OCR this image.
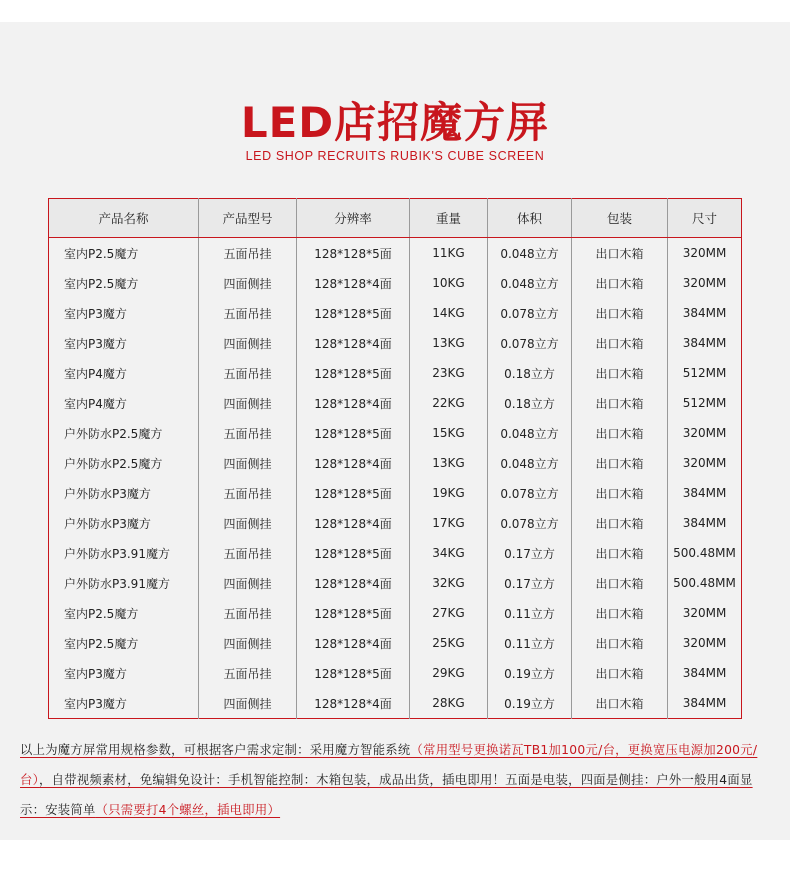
LED店招魔方屏
LED SHOP RECRUITS RUBIK'S CUBE SCREEN
产品名称	产品型号	分辨率	重量	体积	包装	尺寸
室内P2.5魔方	五面吊挂	128*128*5面	11KG	0.048立方	出口木箱	320MM
室内P2.5魔方	四面侧挂	128*128*4面	10KG	0.048立方	出口木箱	320MM
室内P3魔方	五面吊挂	128*128*5面	14KG	0.078立方	出口木箱	384MM
室内P3魔方	四面侧挂	128*128*4面	13KG	0.078立方	出口木箱	384MM
室内P4魔方	五面吊挂	128*128*5面	23KG	0.18立方	出口木箱	512MM
室内P4魔方	四面侧挂	128*128*4面	22KG	0.18立方	出口木箱	512MM
户外防水P2.5魔方	五面吊挂	128*128*5面	15KG	0.048立方	出口木箱	320MM
户外防水P2.5魔方	四面侧挂	128*128*4面	13KG	0.048立方	出口木箱	320MM
户外防水P3魔方	五面吊挂	128*128*5面	19KG	0.078立方	出口木箱	384MM
户外防水P3魔方	四面侧挂	128*128*4面	17KG	0.078立方	出口木箱	384MM
户外防水P3.91魔方	五面吊挂	128*128*5面	34KG	0.17立方	出口木箱	500.48MM
户外防水P3.91魔方	四面侧挂	128*128*4面	32KG	0.17立方	出口木箱	500.48MM
室内P2.5魔方	五面吊挂	128*128*5面	27KG	0.11立方	出口木箱	320MM
室内P2.5魔方	四面侧挂	128*128*4面	25KG	0.11立方	出口木箱	320MM
室内P3魔方	五面吊挂	128*128*5面	29KG	0.19立方	出口木箱	384MM
室内P3魔方	四面侧挂	128*128*4面	28KG	0.19立方	出口木箱	384MM
以上为魔方屏常用规格参数，可根据客户需求定制：采用魔方智能系统（常用型号更换诺瓦TB1加100元/台，更换宽压电源加200元/台），自带视频素材，免编辑免设计：手机智能控制：木箱包装，成品出货，插电即用！五面是电装，四面是侧挂：户外一般用4面显示：安装简单（只需要打4个螺丝，插电即用）
